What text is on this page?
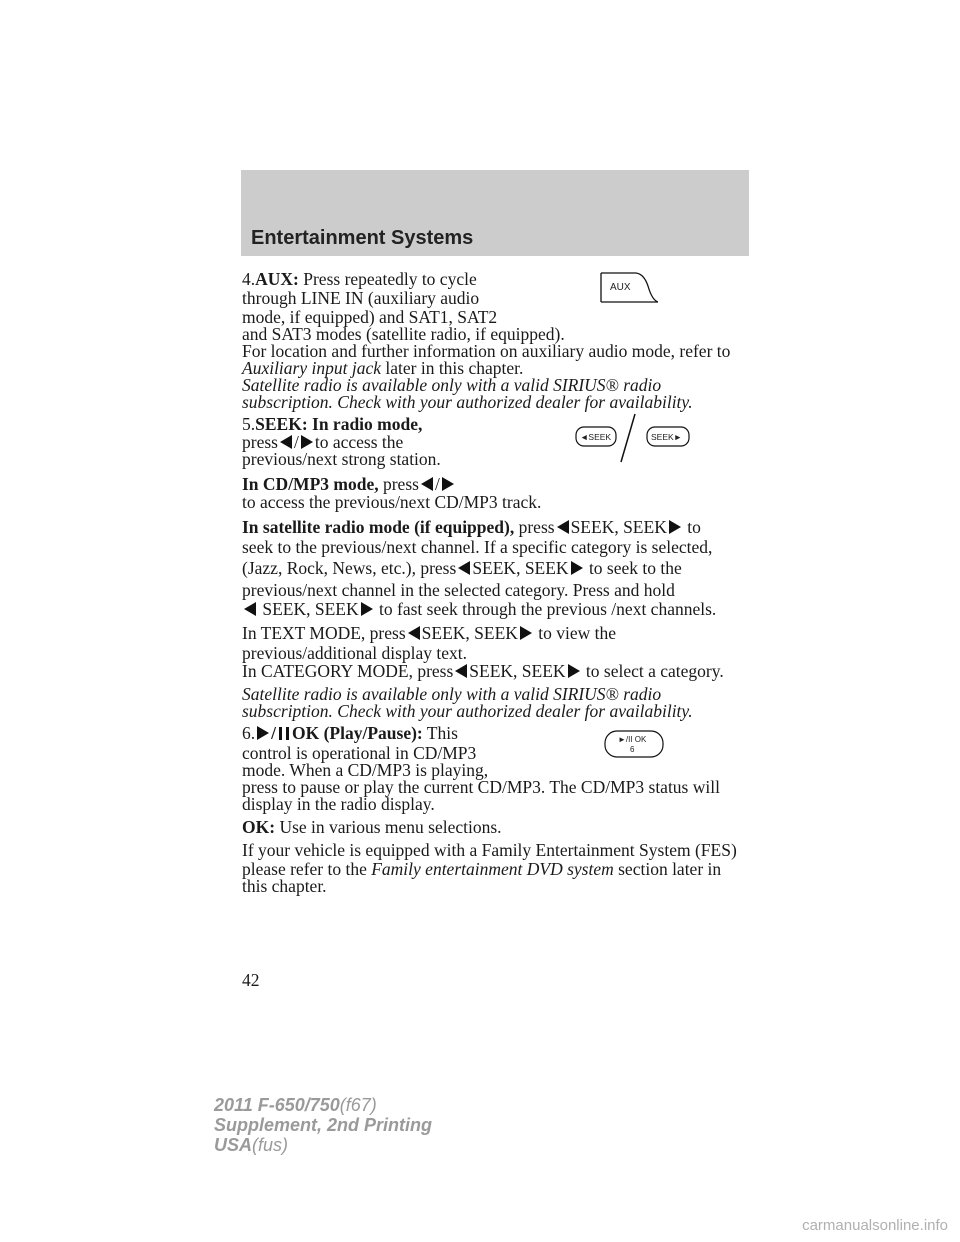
Entertainment Systems
4.AUX: Press repeatedly to cycle
through LINE IN (auxiliary audio
mode, if equipped) and SAT1, SAT2
and SAT3 modes (satellite radio, if equipped).
For location and further information on auxiliary audio mode, refer to
Auxiliary input jack later in this chapter.
Satellite radio is available only with a valid SIRIUS® radio
subscription. Check with your authorized dealer for availability.
AUX
5.SEEK: In radio mode,
press / to access the
previous/next strong station.
◄SEEK	SEEK►
In CD/MP3 mode, press /
to access the previous/next CD/MP3 track.
In satellite radio mode (if equipped), press SEEK, SEEK to
seek to the previous/next channel. If a specific category is selected,
(Jazz, Rock, News, etc.), press SEEK, SEEK to seek to the
previous/next channel in the selected category. Press and hold
SEEK, SEEK to fast seek through the previous /next channels.
In TEXT MODE, press SEEK, SEEK to view the
previous/additional display text.
In CATEGORY MODE, press SEEK, SEEK to select a category.
Satellite radio is available only with a valid SIRIUS® radio
subscription. Check with your authorized dealer for availability.
6. / OK (Play/Pause): This
control is operational in CD/MP3
mode. When a CD/MP3 is playing,
press to pause or play the current CD/MP3. The CD/MP3 status will
display in the radio display.
►/II OK
6
OK: Use in various menu selections.
If your vehicle is equipped with a Family Entertainment System (FES)
please refer to the Family entertainment DVD system section later in
this chapter.
42
2011 F-650/750(f67)
Supplement, 2nd Printing
USA(fus)
carmanualsonline.info
